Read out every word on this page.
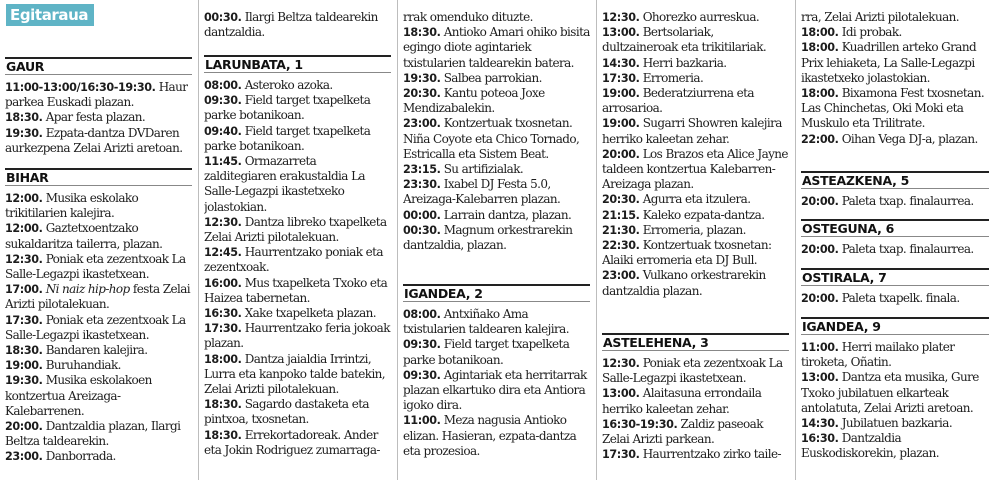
Egitaraua
GAUR

11:00-13:00/16:30-19:30. Haur parkea Euskadi plazan.

18:30. Apar festa plazan.

19:30. Ezpata-dantza DVDaren aurkezpena Zelai Arizti aretoan.

BIHAR

12:00. Musika eskolako trikitilarien kalejira.

12:00. Gaztetxoentzako sukaldaritza tailerra, plazan.

12:30. Poniak eta zezentxoak La Salle-Legazpi ikastetxean.

17:00. Ni naiz hip-hop festa Zelai Arizti pilotalekuan.

17:30. Poniak eta zezentxoak La Salle-Legazpi ikastetxean.

18:30. Bandaren kalejira.

19:00. Buruhandiak.

19:30. Musika eskolakoen kontzertua Areizaga-Kalebarrenen.

20:00. Dantzaldia plazan, Ilargi Beltza taldearekin.

23:00. Danborrada.

00:30. Ilargi Beltza taldearekin dantzaldia.

LARUNBATA, 1

08:00. Asteroko azoka.

09:30. Field target txapelketa parke botanikoan.

09:40. Field target txapelketa parke botanikoan.

11:45. Ormazarreta zalditegiaren erakustaldia La Salle-Legazpi ikastetxeko jolastokian.

12:30. Dantza libreko txapelketa Zelai Arizti pilotalekuan.

12:45. Haurrentzako poniak eta zezentxoak.

16:00. Mus txapelketa Txoko eta Haizea tabernetan.

16:30. Xake txapelketa plazan.

17:30. Haurrentzako feria jokoak plazan.

18:00. Dantza jaialdia Irrintzi, Lurra eta kanpoko talde batekin, Zelai Arizti pilotalekuan.

18:30. Sagardo dastaketa eta pintxoa, txosnetan.

18:30. Errekortadoreak. Ander eta Jokin Rodriguez zumarraga-

rrak omenduko dituzte.

18:30. Antioko Amari ohiko bisita egingo diote agintariek txistularien taldearekin batera.

19:30. Salbea parrokian.

20:30. Kantu poteoa Joxe Mendizabalekin.

23:00. Kontzertuak txosnetan. Niña Coyote eta Chico Tornado, Estricalla eta Sistem Beat.

23:15. Su artifizialak.

23:30. Ixabel DJ Festa 5.0, Areizaga-Kalebarren plazan.

00:00. Larrain dantza, plazan.

00:30. Magnum orkestrarekin dantzaldia, plazan.

IGANDEA, 2

08:00. Antxiñako Ama txistularien taldearen kalejira.

09:30. Field target txapelketa parke botanikoan.

09:30. Agintariak eta herritarrak plazan elkartuko dira eta Antiora igoko dira.

11:00. Meza nagusia Antioko elizan. Hasieran, ezpata-dantza eta prozesioa.

12:30. Ohorezko aurreskua.

13:00. Bertsolariak, dultzaineroak eta trikitilariak.

14:30. Herri bazkaria.

17:30. Erromeria.

19:00. Bederatziurrena eta arrosarioa.

19:00. Sugarri Showren kalejira herriko kaleetan zehar.

20:00. Los Brazos eta Alice Jayne taldeen kontzertua Kalebarren-Areizaga plazan.

20:30. Agurra eta itzulera.

21:15. Kaleko ezpata-dantza.

21:30. Erromeria, plazan.

22:30. Kontzertuak txosnetan: Alaiki erromeria eta DJ Bull.

23:00. Vulkano orkestrarekin dantzaldia plazan.

ASTELEHENA, 3

12:30. Poniak eta zezentxoak La Salle-Legazpi ikastetxean.

13:00. Alaitasuna errondaila herriko kaleetan zehar.

16:30-19:30. Zaldiz paseoak Zelai Arizti parkean.

17:30. Haurrentzako zirko taile-

rra, Zelai Arizti pilotalekuan.

18:00. Idi probak.

18:00. Kuadrillen arteko Grand Prix lehiaketa, La Salle-Legazpi ikastetxeko jolastokian.

18:00. Bixamona Fest txosnetan. Las Chinchetas, Oki Moki eta Muskulo eta Trilitrate.

22:00. Oihan Vega DJ-a, plazan.

ASTEAZKENA, 5

20:00. Paleta txap. finalaurrea.

OSTEGUNA, 6

20:00. Paleta txap. finalaurrea.

OSTIRALA, 7

20:00. Paleta txapelk. finala.

IGANDEA, 9

11:00. Herri mailako plater tiroketa, Oñatin.

13:00. Dantza eta musika, Gure Txoko jubilatuen elkarteak antolatuta, Zelai Arizti aretoan.

14:30. Jubilatuen bazkaria.

16:30. Dantzaldia Euskodiskorekin, plazan.
